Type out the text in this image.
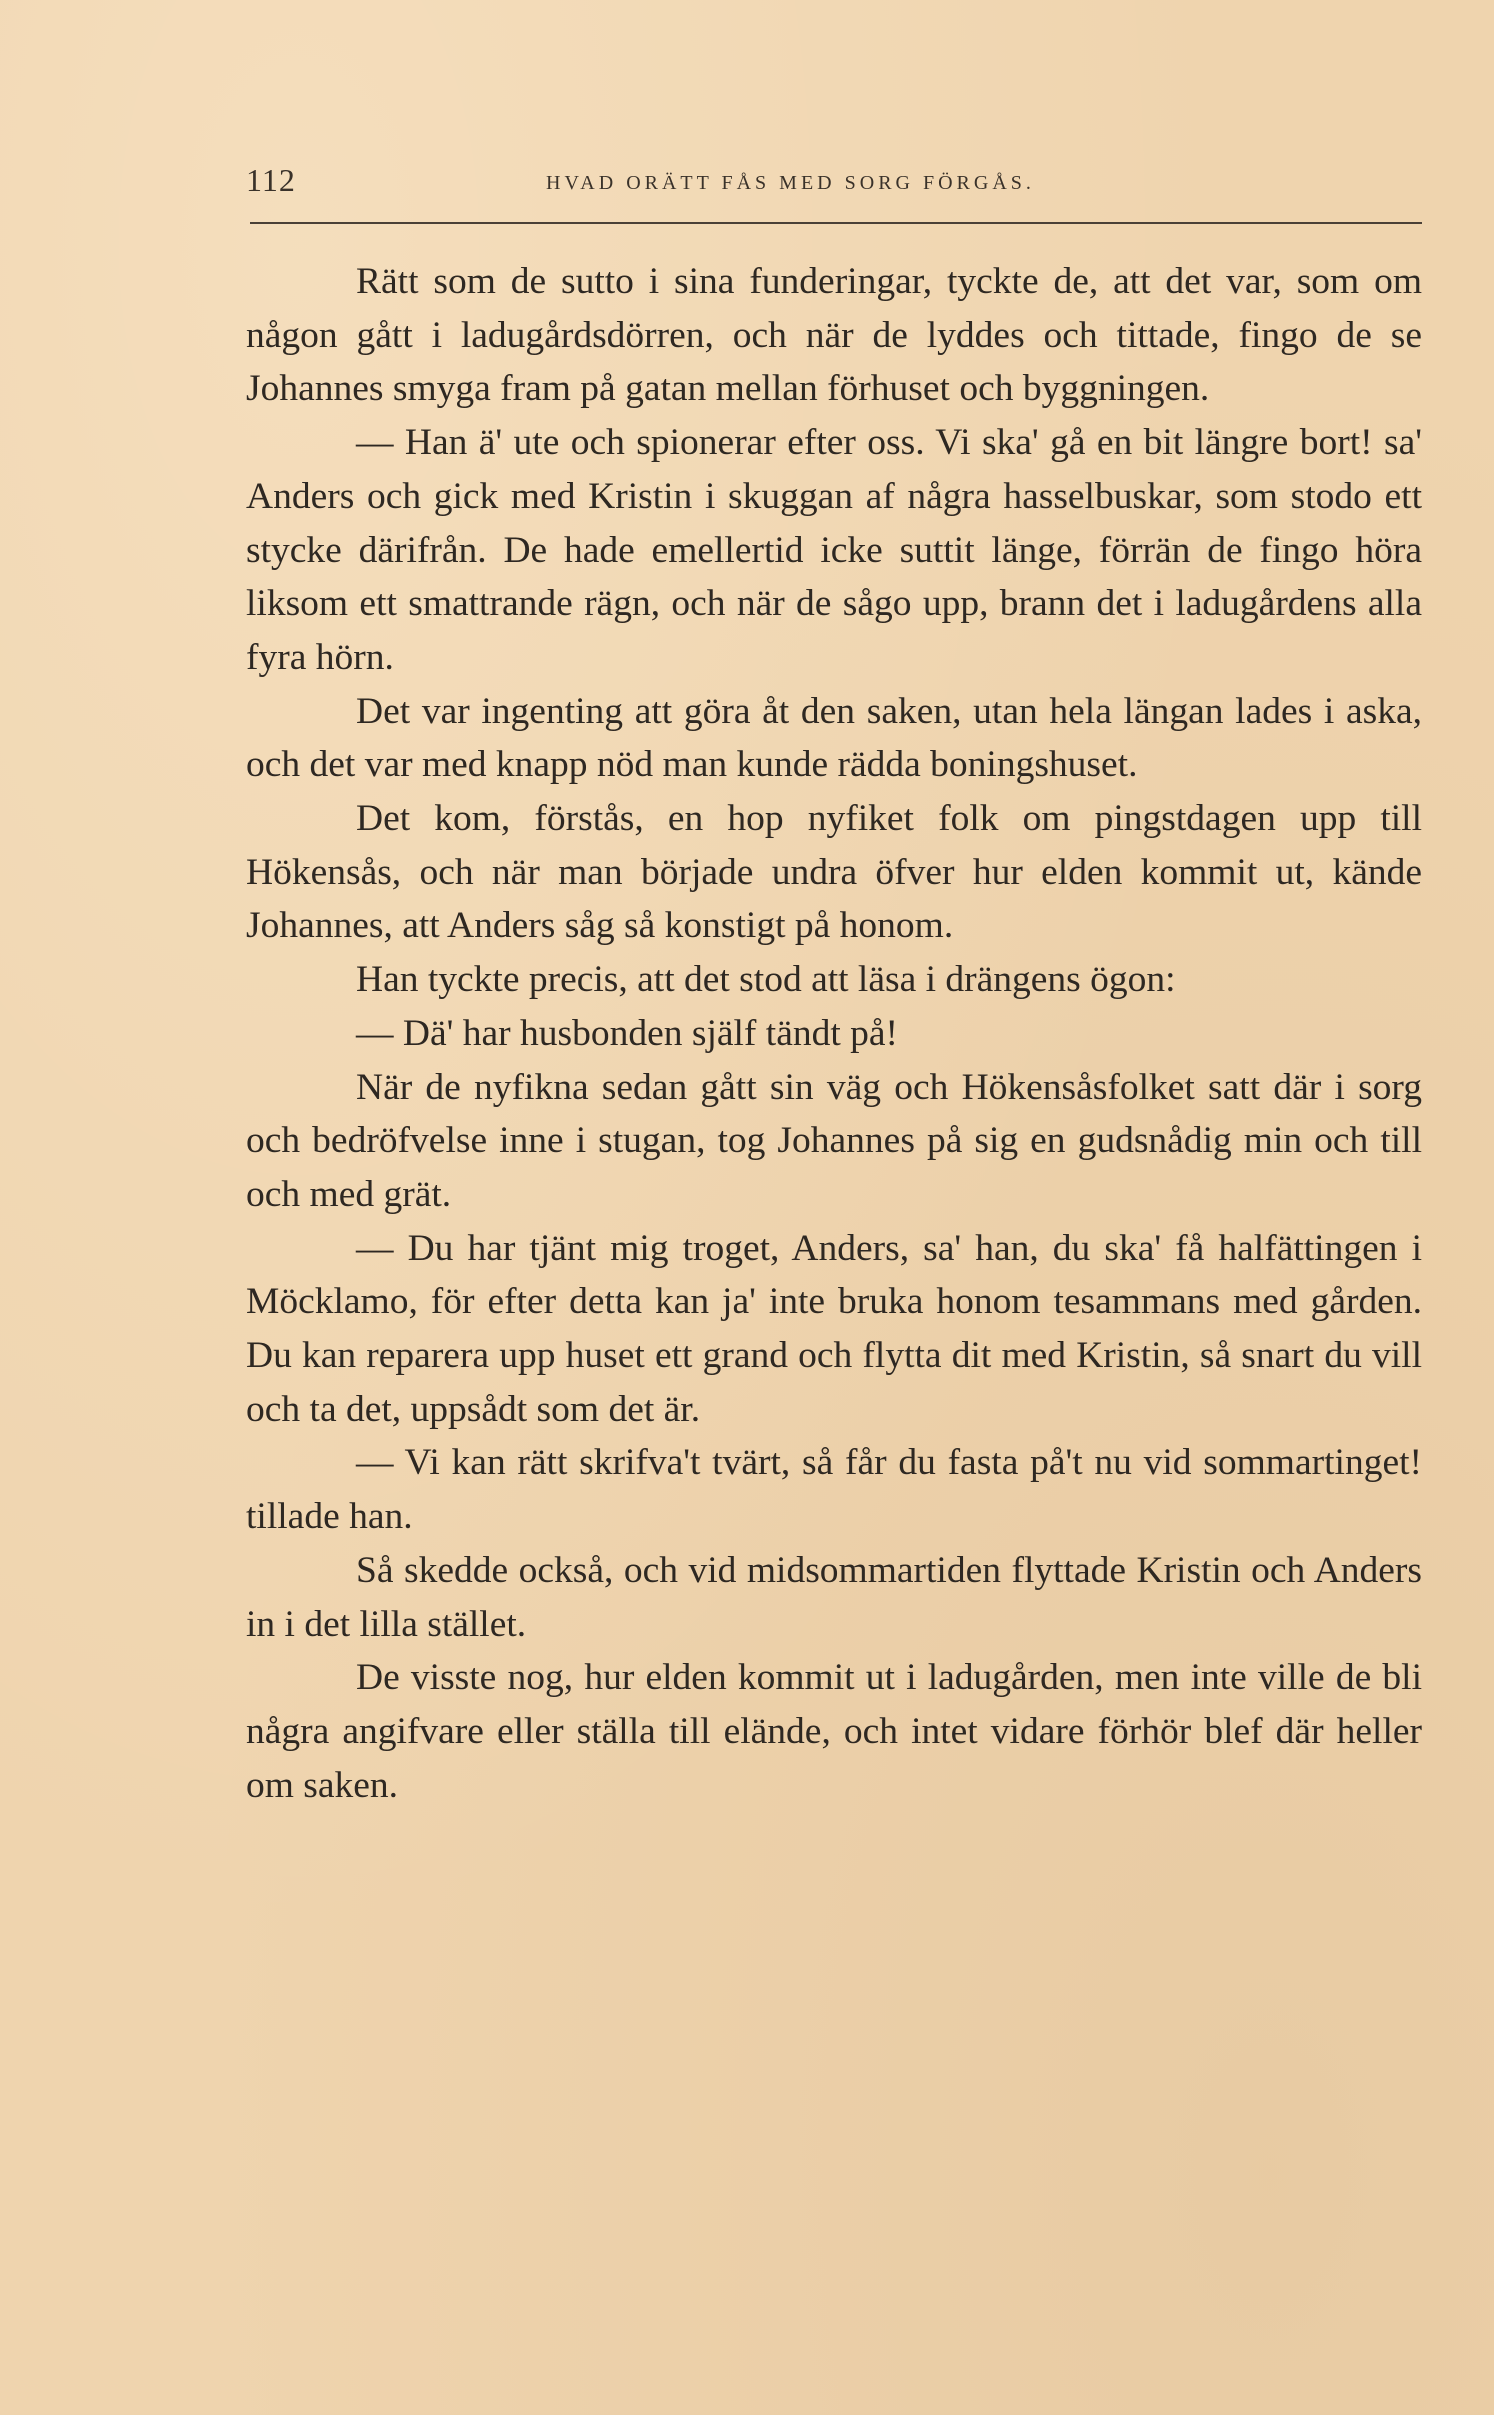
112	HVAD ORÄTT FÅS MED SORG FÖRGÅS.

Rätt som de sutto i sina funderingar, tyckte de, att det var, som om någon gått i ladugårdsdörren, och när de lyddes och tittade, fingo de se Johannes smyga fram på gatan mellan förhuset och byggningen.

— Han ä' ute och spionerar efter oss. Vi ska' gå en bit längre bort! sa' Anders och gick med Kristin i skuggan af några hasselbuskar, som stodo ett stycke därifrån. De hade emellertid icke suttit länge, förrän de fingo höra liksom ett smattrande rägn, och när de sågo upp, brann det i ladugårdens alla fyra hörn.

Det var ingenting att göra åt den saken, utan hela längan lades i aska, och det var med knapp nöd man kunde rädda boningshuset.

Det kom, förstås, en hop nyfiket folk om pingstdagen upp till Hökensås, och när man började undra öfver hur elden kommit ut, kände Johannes, att Anders såg så konstigt på honom.

Han tyckte precis, att det stod att läsa i drängens ögon:

— Dä' har husbonden själf tändt på!

När de nyfikna sedan gått sin väg och Hökensåsfolket satt där i sorg och bedröfvelse inne i stugan, tog Johannes på sig en gudsnådig min och till och med grät.

— Du har tjänt mig troget, Anders, sa' han, du ska' få halfättingen i Möcklamo, för efter detta kan ja' inte bruka honom tesammans med gården. Du kan reparera upp huset ett grand och flytta dit med Kristin, så snart du vill och ta det, uppsådt som det är.

— Vi kan rätt skrifva't tvärt, så får du fasta på't nu vid sommartinget! tillade han.

Så skedde också, och vid midsommartiden flyttade Kristin och Anders in i det lilla stället.

De visste nog, hur elden kommit ut i ladugården, men inte ville de bli några angifvare eller ställa till elände, och intet vidare förhör blef där heller om saken.
